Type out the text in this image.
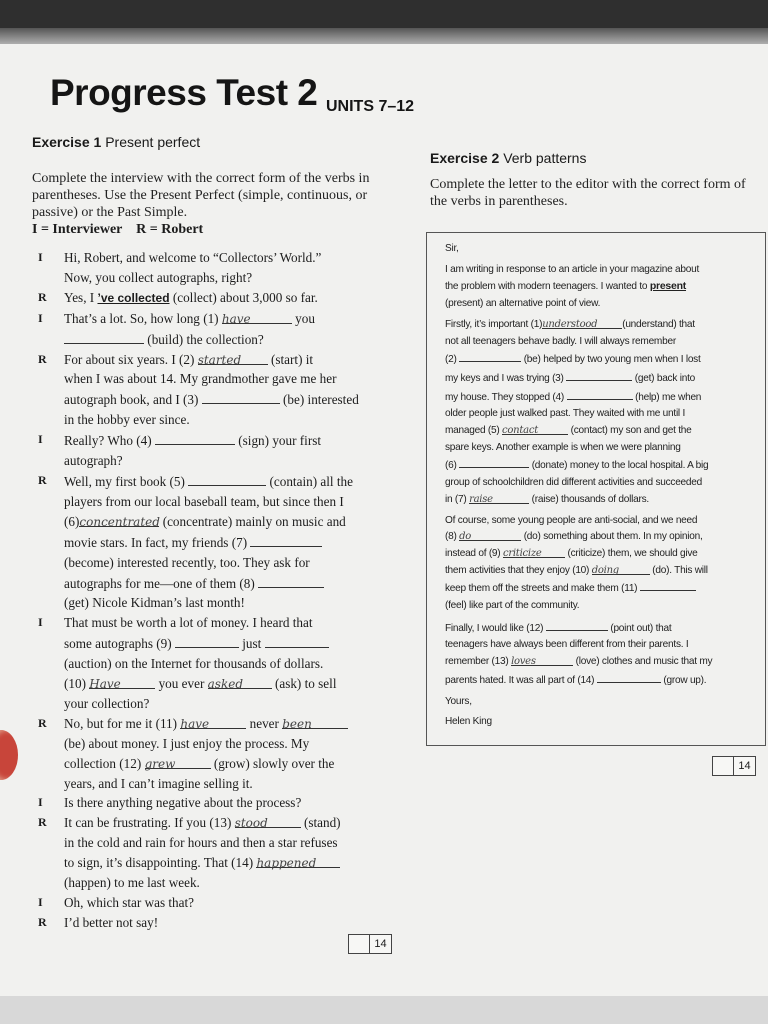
Progress Test 2 UNITS 7–12
Exercise 1 Present perfect
Complete the interview with the correct form of the verbs in parentheses. Use the Present Perfect (simple, continuous, or passive) or the Past Simple.
I = Interviewer    R = Robert
I	Hi, Robert, and welcome to “Collectors’ World.”
Now, you collect autographs, right?
R	Yes, I ’ve collected (collect) about 3,000 so far.
I	That’s a lot. So, how long (1) have	you
(build) the collection?
R	For about six years. I (2) started (start) it
when I was about 14. My grandmother gave me her
autograph book, and I (3)	(be) interested
in the hobby ever since.
I	Really? Who (4)	(sign) your first
autograph?
R	Well, my first book (5)	(contain) all the
players from our local baseball team, but since then I
(6)concentrated (concentrate) mainly on music and
movie stars. In fact, my friends (7)
(become) interested recently, too. They ask for
autographs for me—one of them (8)
(get) Nicole Kidman’s last month!
I	That must be worth a lot of money. I heard that
some autographs (9)	just
(auction) on the Internet for thousands of dollars.
(10) Have	you ever asked (ask) to sell
your collection?
R	No, but for me it (11) have	never been
(be) about money. I just enjoy the process. My
collection (12) grew	(grow) slowly over the
years, and I can’t imagine selling it.
I	Is there anything negative about the process?
R	It can be frustrating. If you (13) stood (stand)
in the cold and rain for hours and then a star refuses
to sign, it’s disappointing. That (14) happened
(happen) to me last week.
I	Oh, which star was that?
R	I’d better not say!
14
Exercise 2 Verb patterns
Complete the letter to the editor with the correct form of the verbs in parentheses.
Sir,
I am writing in response to an article in your magazine about
the problem with modern teenagers. I wanted to present
(present) an alternative point of view.
Firstly, it’s important (1)understood (understand) that
not all teenagers behave badly. I will always remember
(2)	(be) helped by two young men when I lost
my keys and I was trying (3)	(get) back into
my house. They stopped (4)	(help) me when
older people just walked past. They waited with me until I
managed (5) contact	(contact) my son and get the
spare keys. Another example is when we were planning
(6)	(donate) money to the local hospital. A big
group of schoolchildren did different activities and succeeded
in (7) raise	(raise) thousands of dollars.
Of course, some young people are anti-social, and we need
(8) do	(do) something about them. In my opinion,
instead of (9) criticize (criticize) them, we should give
them activities that they enjoy (10) doing	(do). This will
keep them off the streets and make them (11)
(feel) like part of the community.
Finally, I would like (12)	(point out) that
teenagers have always been different from their parents. I
remember (13) loves	(love) clothes and music that my
parents hated. It was all part of (14)	(grow up).
Yours,
Helen King
14
